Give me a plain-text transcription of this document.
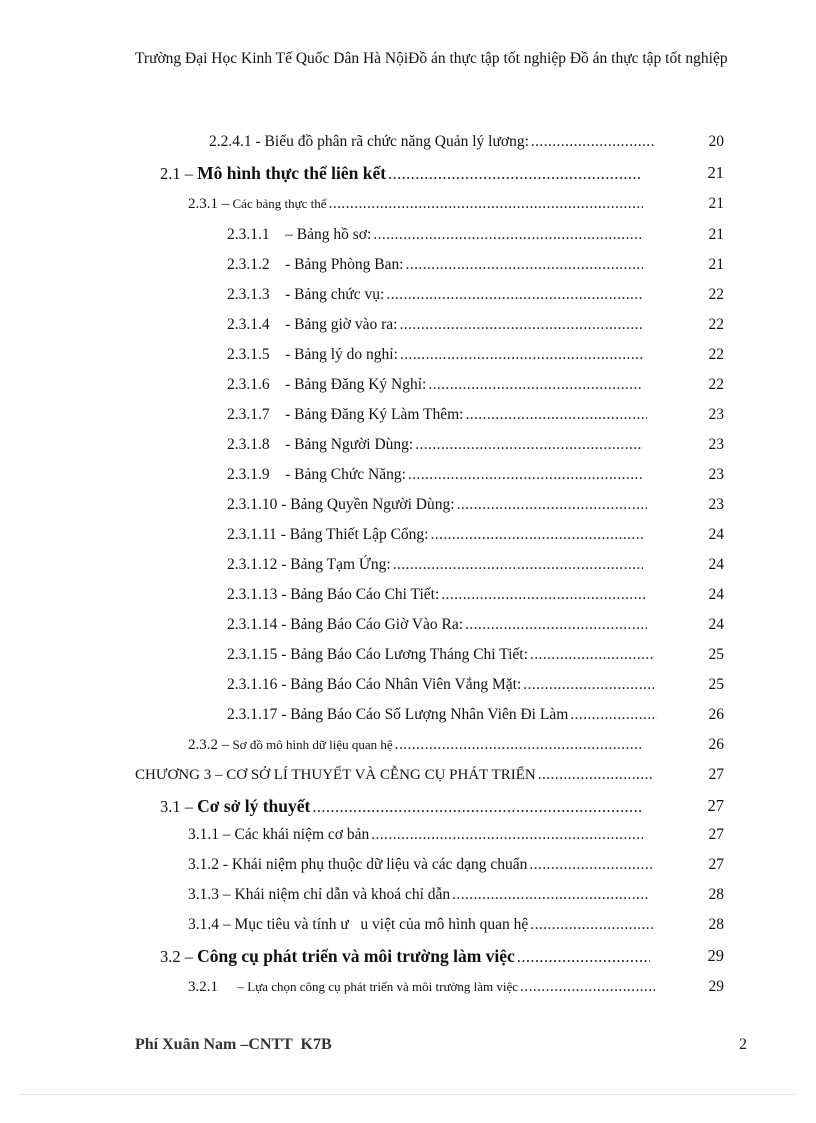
Trường Đại Học Kinh Tế Quốc Dân Hà NộiĐồ án thực tập tốt nghiệp Đồ án thực tập tốt nghiệp
2.2.4.1 - Biểu đồ phân rã chức năng Quản lý lương: .....	20
2.1 – Mô hình thực thể liên kết .....	21
2.3.1 – Các bảng thực thể .....	21
2.3.1.1 – Bảng hồ sơ: .....	21
2.3.1.2 - Bảng Phòng Ban: .....	21
2.3.1.3 - Bảng chức vụ: .....	22
2.3.1.4 - Bảng giờ vào ra: .....	22
2.3.1.5 - Bảng lý do nghỉ: .....	22
2.3.1.6 - Bảng Đăng Ký Nghỉ: .....	22
2.3.1.7 - Bảng Đăng Ký Làm Thêm: .....	23
2.3.1.8 - Bảng Người Dùng: .....	23
2.3.1.9 - Bảng Chức Năng: .....	23
2.3.1.10 - Bảng Quyền Người Dùng: .....	23
2.3.1.11 - Bảng Thiết Lập Cổng: .....	24
2.3.1.12 - Bảng Tạm Ứng: .....	24
2.3.1.13 - Bảng Báo Cáo Chi Tiết: .....	24
2.3.1.14 - Bảng Báo Cáo Giờ Vào Ra: .....	24
2.3.1.15 - Bảng Báo Cáo Lương Tháng Chi Tiết: .....	25
2.3.1.16 - Bảng Báo Cáo Nhân Viên Vắng Mặt: .....	25
2.3.1.17 - Bảng Báo Cáo Số Lượng Nhân Viên Đi Làm .....	26
2.3.2 – Sơ đồ mô hình dữ liệu quan hệ .....	26
CHƯƠNG 3 – CƠ SỞ LÍ THUYẾT VÀ CỄNG CỤ PHÁT TRIỂN .....	27
3.1 – Cơ sở lý thuyết .....	27
3.1.1 – Các khái niệm cơ bản .....	27
3.1.2 - Khái niệm phụ thuộc dữ liệu và các dạng chuẩn .....	27
3.1.3 – Khái niệm chỉ dẫn và khoá chỉ dẫn .....	28
3.1.4 – Mục tiêu và tính ư   u việt của mô hình quan hệ .....	28
3.2 – Công cụ phát triển và môi trường làm việc .....	29
3.2.1 – Lựa chọn công cụ phát triển và môi trường làm việc .....	29
Phí Xuân Nam –CNTT  K7B	2
